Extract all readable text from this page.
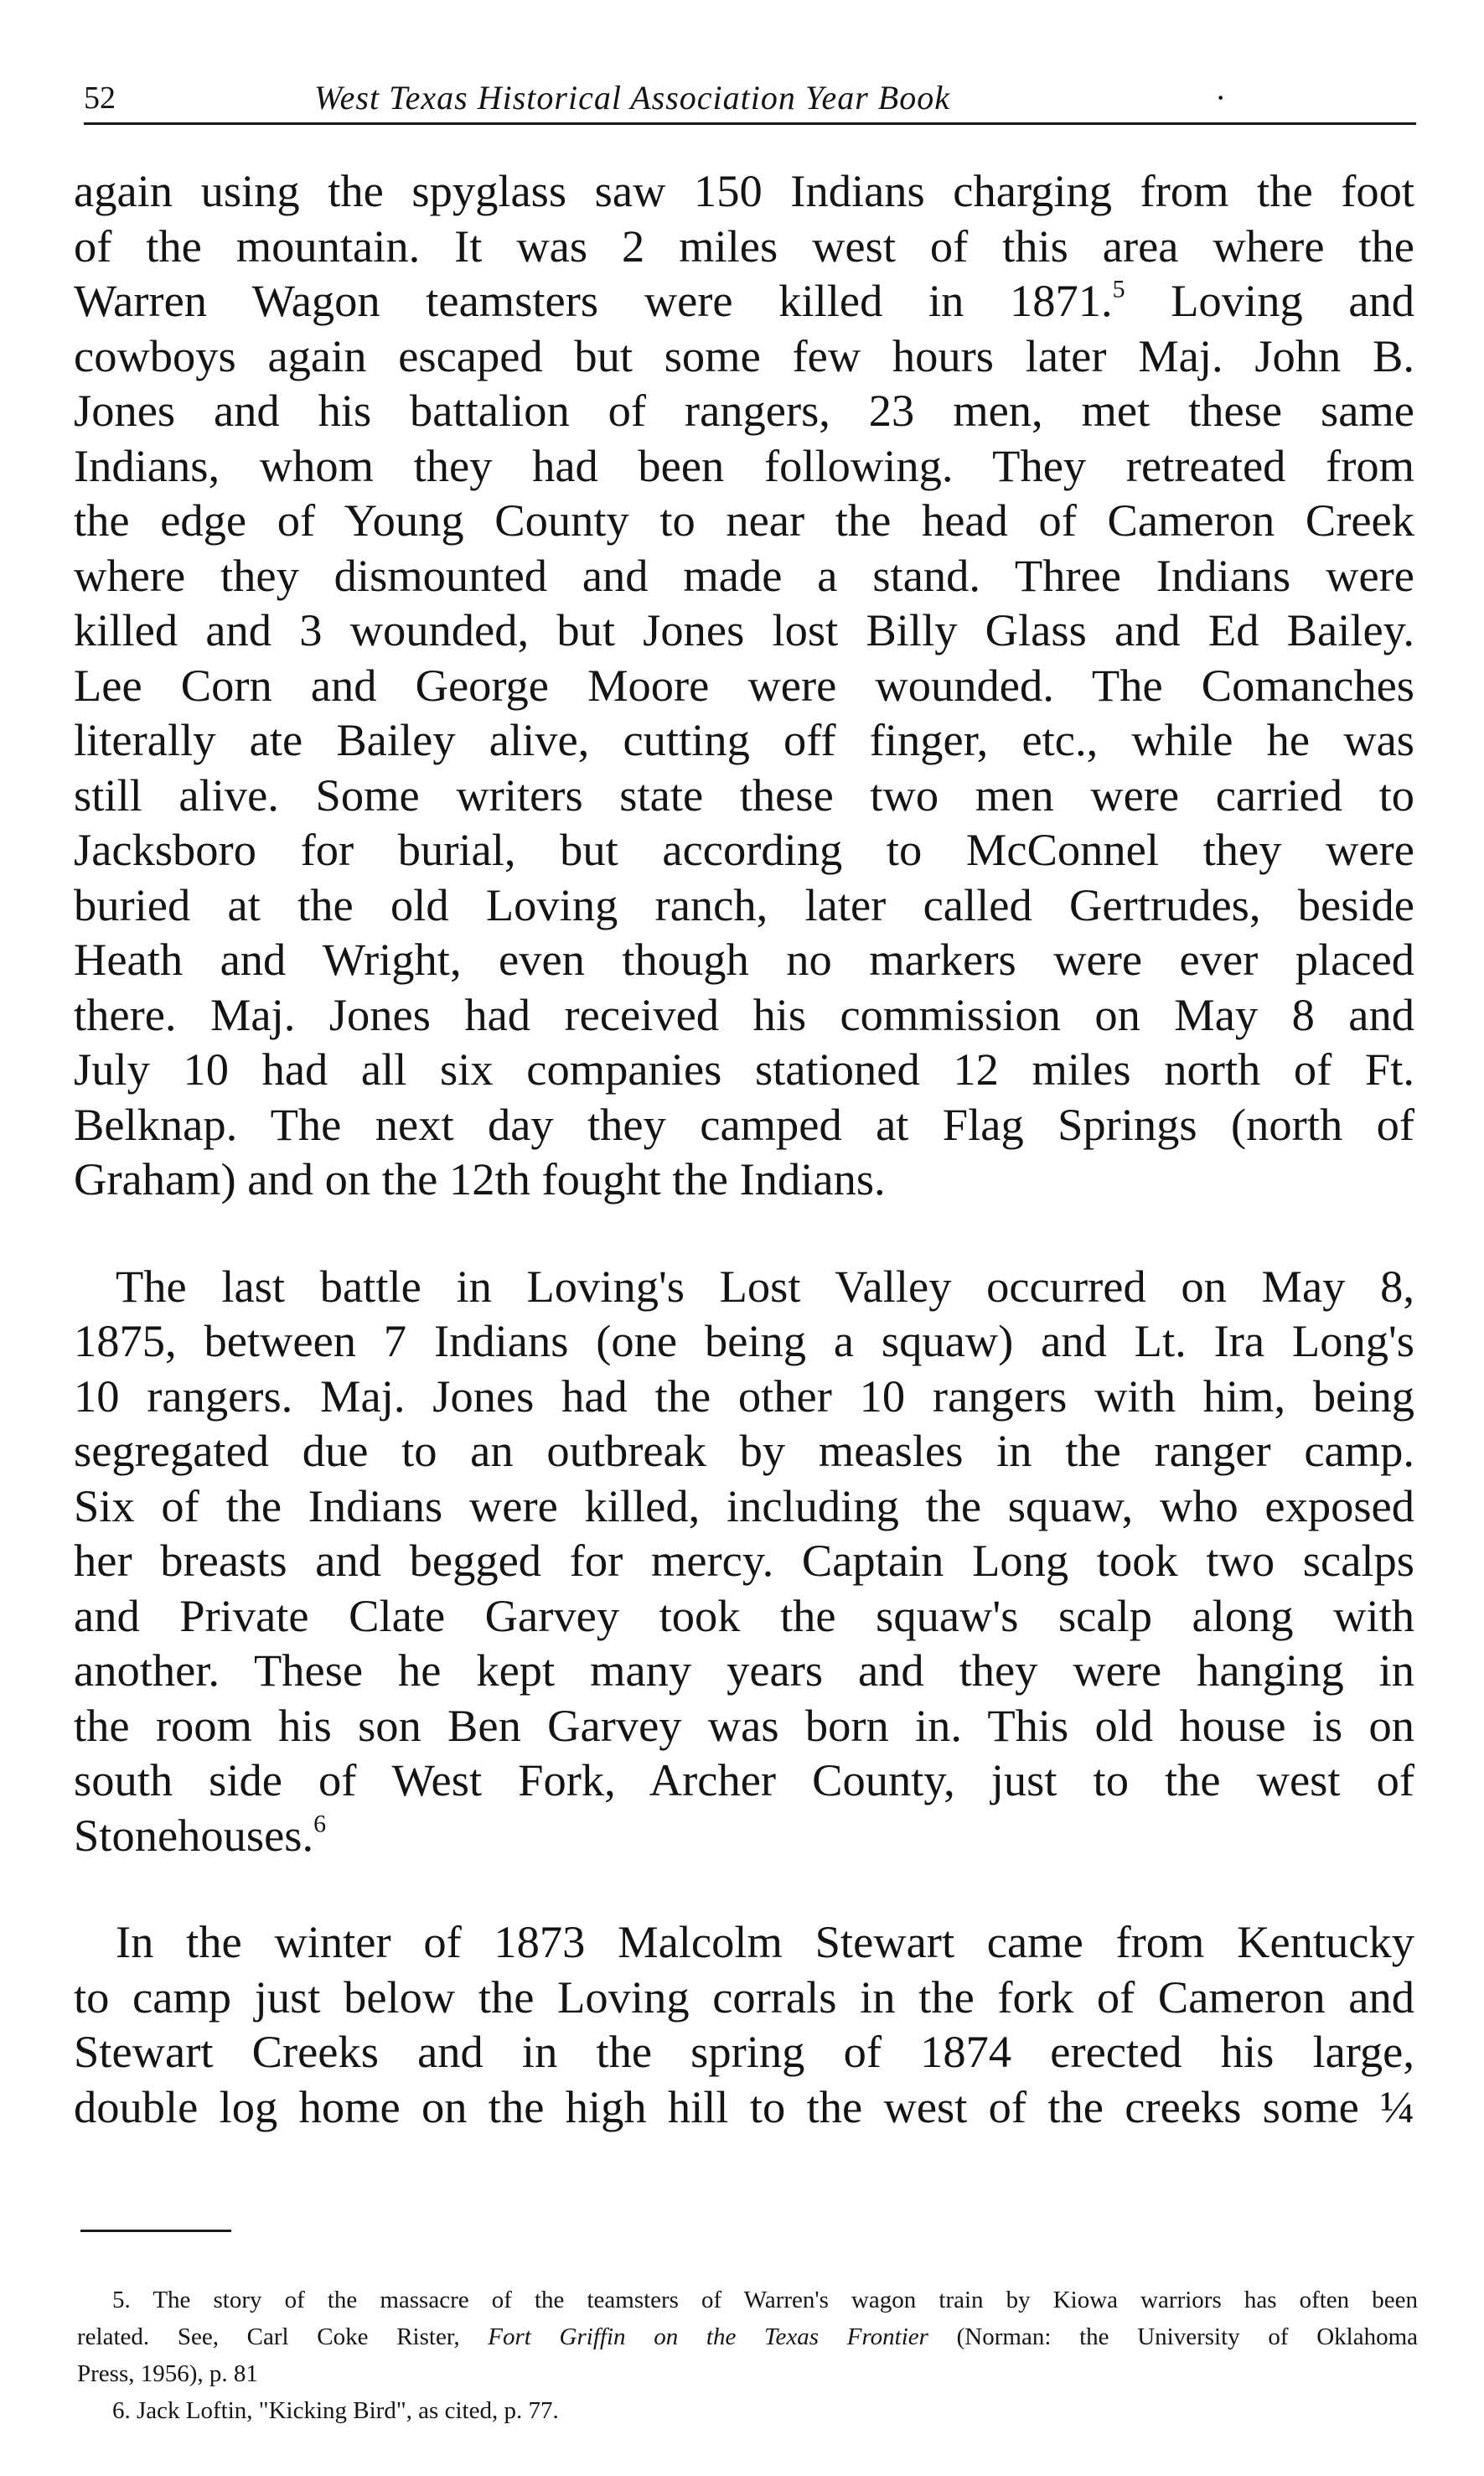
52	West Texas Historical Association Year Book	·

again using the spyglass saw 150 Indians charging from the foot
of the mountain. It was 2 miles west of this area where the
Warren Wagon teamsters were killed in 1871.$^5$ Loving and
cowboys again escaped but some few hours later Maj. John B.
Jones and his battalion of rangers, 23 men, met these same
Indians, whom they had been following. They retreated from
the edge of Young County to near the head of Cameron Creek
where they dismounted and made a stand. Three Indians were
killed and 3 wounded, but Jones lost Billy Glass and Ed Bailey.
Lee Corn and George Moore were wounded. The Comanches
literally ate Bailey alive, cutting off finger, etc., while he was
still alive. Some writers state these two men were carried to
Jacksboro for burial, but according to McConnel they were
buried at the old Loving ranch, later called Gertrudes, beside
Heath and Wright, even though no markers were ever placed
there. Maj. Jones had received his commission on May 8 and
July 10 had all six companies stationed 12 miles north of Ft.
Belknap. The next day they camped at Flag Springs (north of
Graham) and on the 12th fought the Indians.

The last battle in Loving's Lost Valley occurred on May 8,
1875, between 7 Indians (one being a squaw) and Lt. Ira Long's
10 rangers. Maj. Jones had the other 10 rangers with him, being
segregated due to an outbreak by measles in the ranger camp.
Six of the Indians were killed, including the squaw, who exposed
her breasts and begged for mercy. Captain Long took two scalps
and Private Clate Garvey took the squaw's scalp along with
another. These he kept many years and they were hanging in
the room his son Ben Garvey was born in. This old house is on
south side of West Fork, Archer County, just to the west of
Stonehouses.$^6$

In the winter of 1873 Malcolm Stewart came from Kentucky
to camp just below the Loving corrals in the fork of Cameron and
Stewart Creeks and in the spring of 1874 erected his large,
double log home on the high hill to the west of the creeks some ¼

5. The story of the massacre of the teamsters of Warren's wagon train by Kiowa warriors has often been
related. See, Carl Coke Rister, Fort Griffin on the Texas Frontier (Norman: the University of Oklahoma
Press, 1956), p. 81
6. Jack Loftin, "Kicking Bird", as cited, p. 77.
